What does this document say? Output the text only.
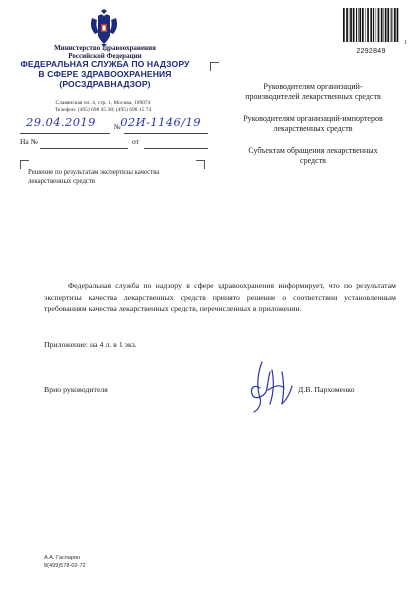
Министерство здравоохранения
Российской Федерации
ФЕДЕРАЛЬНАЯ СЛУЖБА ПО НАДЗОРУ
В СФЕРЕ ЗДРАВООХРАНЕНИЯ
(РОСЗДРАВНАДЗОР)
Славянская пл. 4, стр. 1, Москва, 109074
Телефон: (495) 698 45 38; (495) 698 15 74
№
29.04.2019 02И-1146/19
На №	от
Решение по результатам экспертизы качества лекарственных средств
2292849
1
Руководителям организаций-производителей лекарственных средств
Руководителям организаций-импортеров лекарственных средств
Субъектам обращения лекарственных средств
Федеральная служба по надзору в сфере здравоохранения информирует, что по результатам экспертизы качества лекарственных средств принято решение о соответствии установленным требованиям качества лекарственных средств, перечисленных в приложении.
Приложение: на 4 л. в 1 экз.
Врио руководителя	Д.В. Пархоменко
А.А. Гаспарян
8(499)578-02-72
